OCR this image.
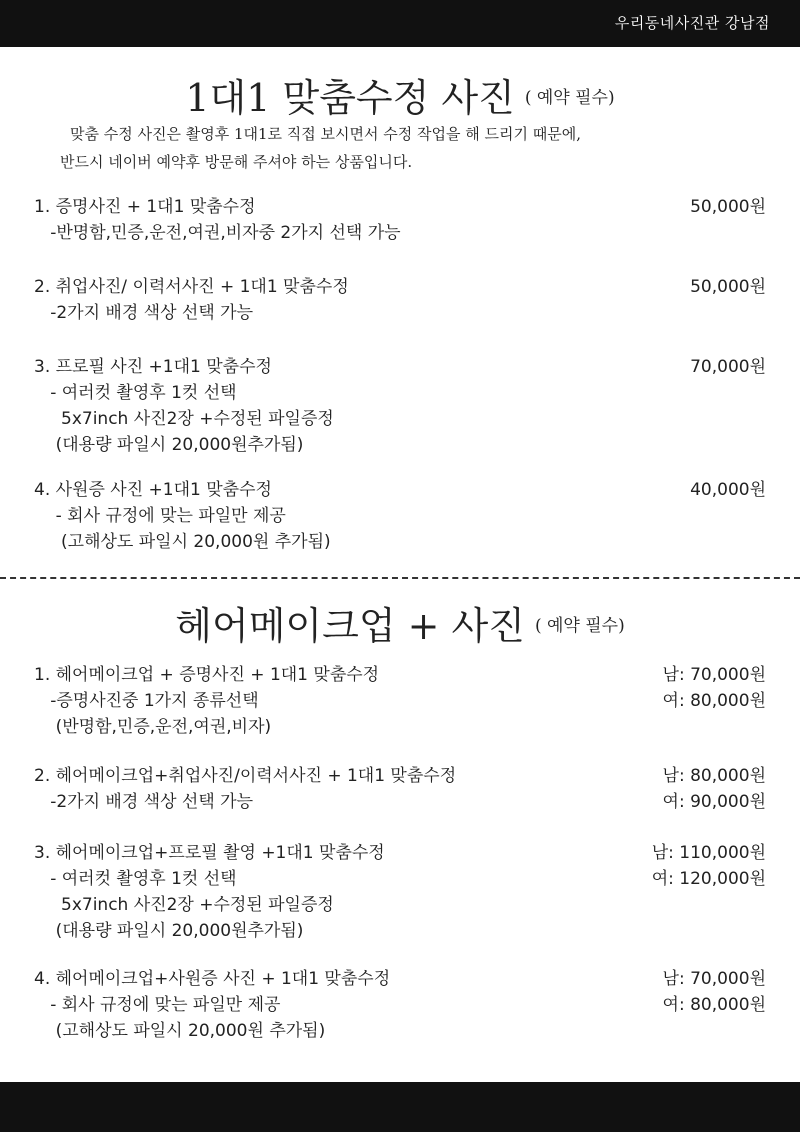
우리동네사진관 강남점
1대1 맞춤수정 사진 ( 예약 필수)
맞춤 수정 사진은 촬영후 1대1로 직접 보시면서 수정 작업을 해 드리기 때문에,
반드시 네이버 예약후 방문해 주셔야 하는 상품입니다.
1. 증명사진 + 1대1 맞춤수정
-반명함,민증,운전,여권,비자중 2가지 선택 가능
50,000원
2. 취업사진/ 이력서사진 + 1대1 맞춤수정
-2가지 배경 색상 선택 가능
50,000원
3. 프로필 사진 +1대1 맞춤수정
- 여러컷 촬영후 1컷 선택
5x7inch 사진2장 +수정된 파일증정
(대용량 파일시 20,000원추가됨)
70,000원
4. 사원증 사진 +1대1 맞춤수정
- 회사 규정에 맞는 파일만 제공
(고해상도 파일시 20,000원 추가됨)
40,000원
헤어메이크업 + 사진 ( 예약 필수)
1. 헤어메이크업 + 증명사진 + 1대1 맞춤수정
-증명사진중 1가지 종류선택
(반명함,민증,운전,여권,비자)
남: 70,000원
여: 80,000원
2. 헤어메이크업+취업사진/이력서사진 + 1대1 맞춤수정
-2가지 배경 색상 선택 가능
남: 80,000원
여: 90,000원
3. 헤어메이크업+프로필 촬영 +1대1 맞춤수정
- 여러컷 촬영후 1컷 선택
5x7inch 사진2장 +수정된 파일증정
(대용량 파일시 20,000원추가됨)
남: 110,000원
여: 120,000원
4. 헤어메이크업+사원증 사진 + 1대1 맞춤수정
- 회사 규정에 맞는 파일만 제공
(고해상도 파일시 20,000원 추가됨)
남: 70,000원
여: 80,000원
